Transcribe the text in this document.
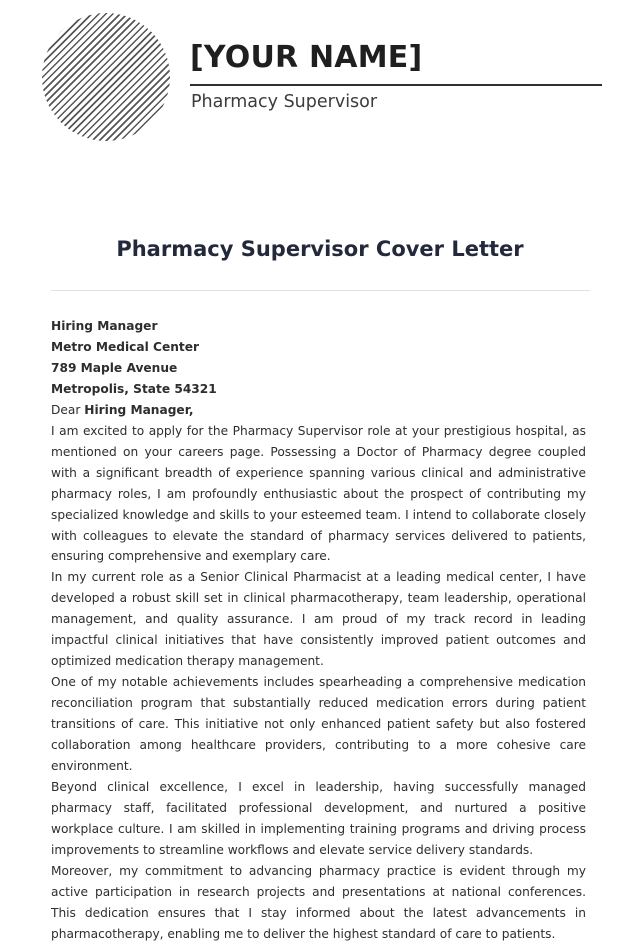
[YOUR NAME]
Pharmacy Supervisor
Pharmacy Supervisor Cover Letter
Hiring Manager
Metro Medical Center
789 Maple Avenue
Metropolis, State 54321
Dear Hiring Manager,

I am excited to apply for the Pharmacy Supervisor role at your prestigious hospital, as mentioned on your careers page. Possessing a Doctor of Pharmacy degree coupled with a significant breadth of experience spanning various clinical and administrative pharmacy roles, I am profoundly enthusiastic about the prospect of contributing my specialized knowledge and skills to your esteemed team. I intend to collaborate closely with colleagues to elevate the standard of pharmacy services delivered to patients, ensuring comprehensive and exemplary care.

In my current role as a Senior Clinical Pharmacist at a leading medical center, I have developed a robust skill set in clinical pharmacotherapy, team leadership, operational management, and quality assurance. I am proud of my track record in leading impactful clinical initiatives that have consistently improved patient outcomes and optimized medication therapy management.

One of my notable achievements includes spearheading a comprehensive medication reconciliation program that substantially reduced medication errors during patient transitions of care. This initiative not only enhanced patient safety but also fostered collaboration among healthcare providers, contributing to a more cohesive care environment.

Beyond clinical excellence, I excel in leadership, having successfully managed pharmacy staff, facilitated professional development, and nurtured a positive workplace culture. I am skilled in implementing training programs and driving process improvements to streamline workflows and elevate service delivery standards.

Moreover, my commitment to advancing pharmacy practice is evident through my active participation in research projects and presentations at national conferences. This dedication ensures that I stay informed about the latest advancements in pharmacotherapy, enabling me to deliver the highest standard of care to patients.
